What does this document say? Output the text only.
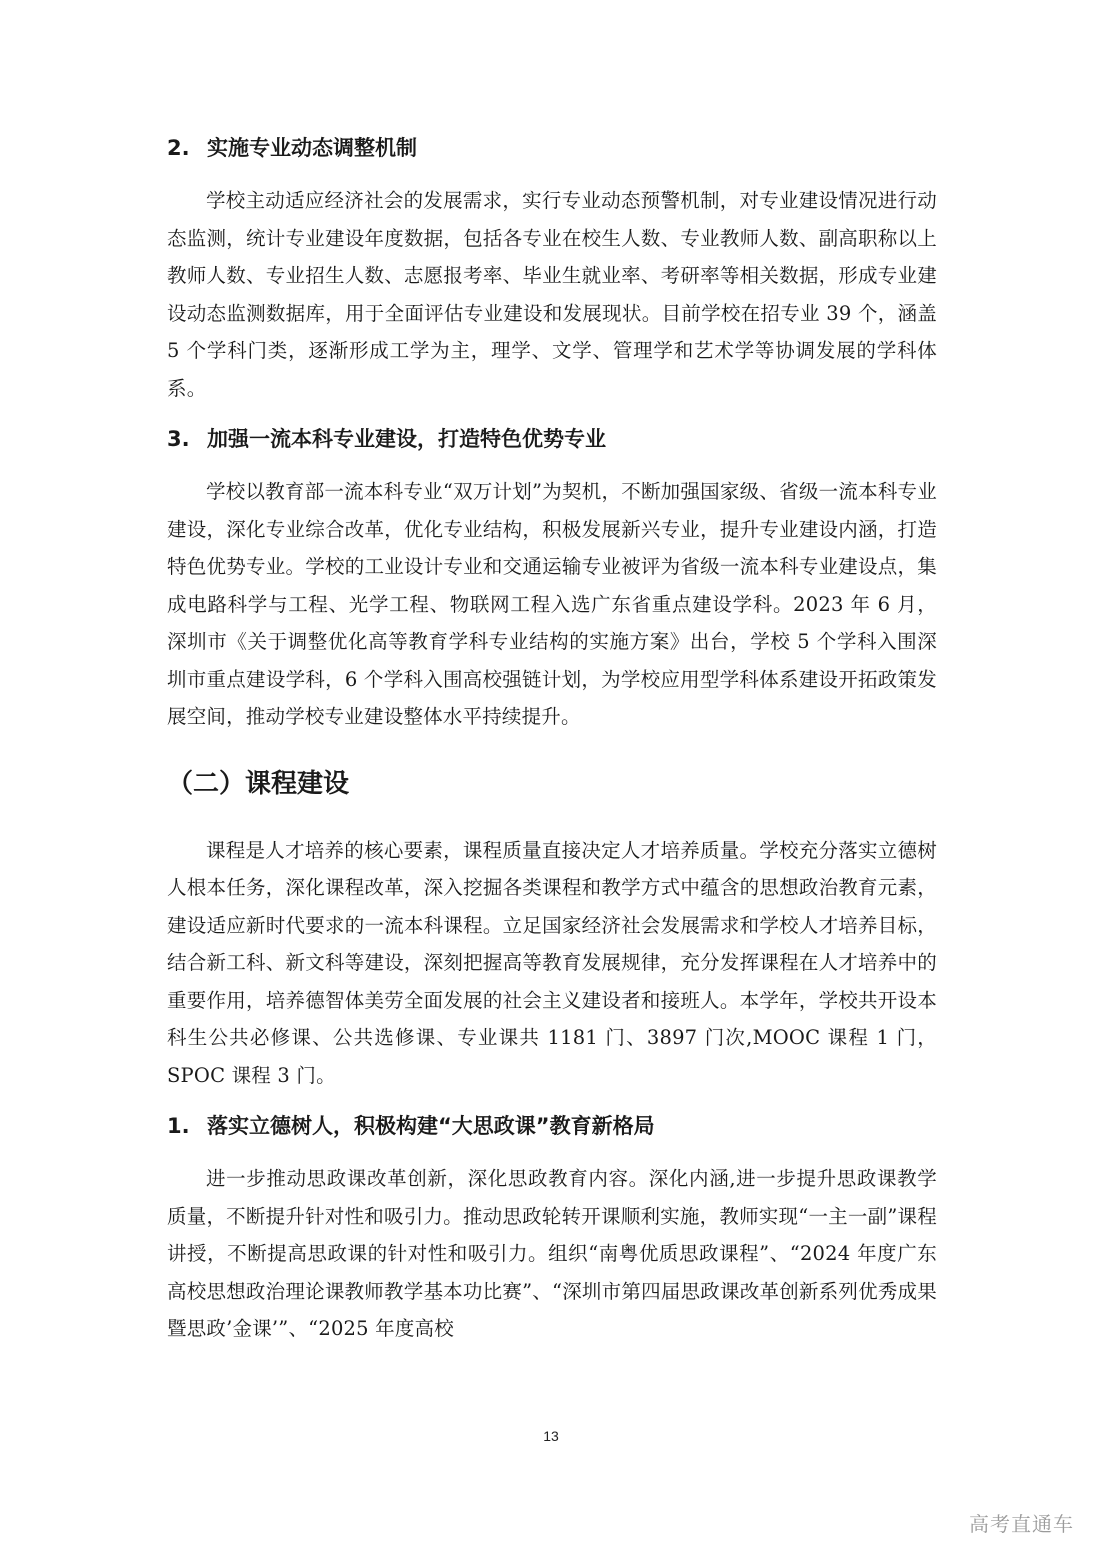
2. 实施专业动态调整机制

学校主动适应经济社会的发展需求，实行专业动态预警机制，对专业建设情况进行动态监测，统计专业建设年度数据，包括各专业在校生人数、专业教师人数、副高职称以上教师人数、专业招生人数、志愿报考率、毕业生就业率、考研率等相关数据，形成专业建设动态监测数据库，用于全面评估专业建设和发展现状。目前学校在招专业 39 个，涵盖 5 个学科门类，逐渐形成工学为主，理学、文学、管理学和艺术学等协调发展的学科体系。

3. 加强一流本科专业建设，打造特色优势专业

学校以教育部一流本科专业“双万计划”为契机，不断加强国家级、省级一流本科专业建设，深化专业综合改革，优化专业结构，积极发展新兴专业，提升专业建设内涵，打造特色优势专业。学校的工业设计专业和交通运输专业被评为省级一流本科专业建设点，集成电路科学与工程、光学工程、物联网工程入选广东省重点建设学科。2023 年 6 月，深圳市《关于调整优化高等教育学科专业结构的实施方案》出台，学校 5 个学科入围深圳市重点建设学科，6 个学科入围高校强链计划，为学校应用型学科体系建设开拓政策发展空间，推动学校专业建设整体水平持续提升。

（二）课程建设

课程是人才培养的核心要素，课程质量直接决定人才培养质量。学校充分落实立德树人根本任务，深化课程改革，深入挖掘各类课程和教学方式中蕴含的思想政治教育元素，建设适应新时代要求的一流本科课程。立足国家经济社会发展需求和学校人才培养目标，结合新工科、新文科等建设，深刻把握高等教育发展规律，充分发挥课程在人才培养中的重要作用，培养德智体美劳全面发展的社会主义建设者和接班人。本学年，学校共开设本科生公共必修课、公共选修课、专业课共 1181 门、3897 门次,MOOC 课程 1 门，SPOC 课程 3 门。

1. 落实立德树人，积极构建“大思政课”教育新格局

进一步推动思政课改革创新，深化思政教育内容。深化内涵,进一步提升思政课教学质量，不断提升针对性和吸引力。推动思政轮转开课顺利实施，教师实现“一主一副”课程讲授，不断提高思政课的针对性和吸引力。组织“南粤优质思政课程”、“2024 年度广东高校思想政治理论课教师教学基本功比赛”、“深圳市第四届思政课改革创新系列优秀成果暨思政’金课’”、“2025 年度高校

13
高考直通车
